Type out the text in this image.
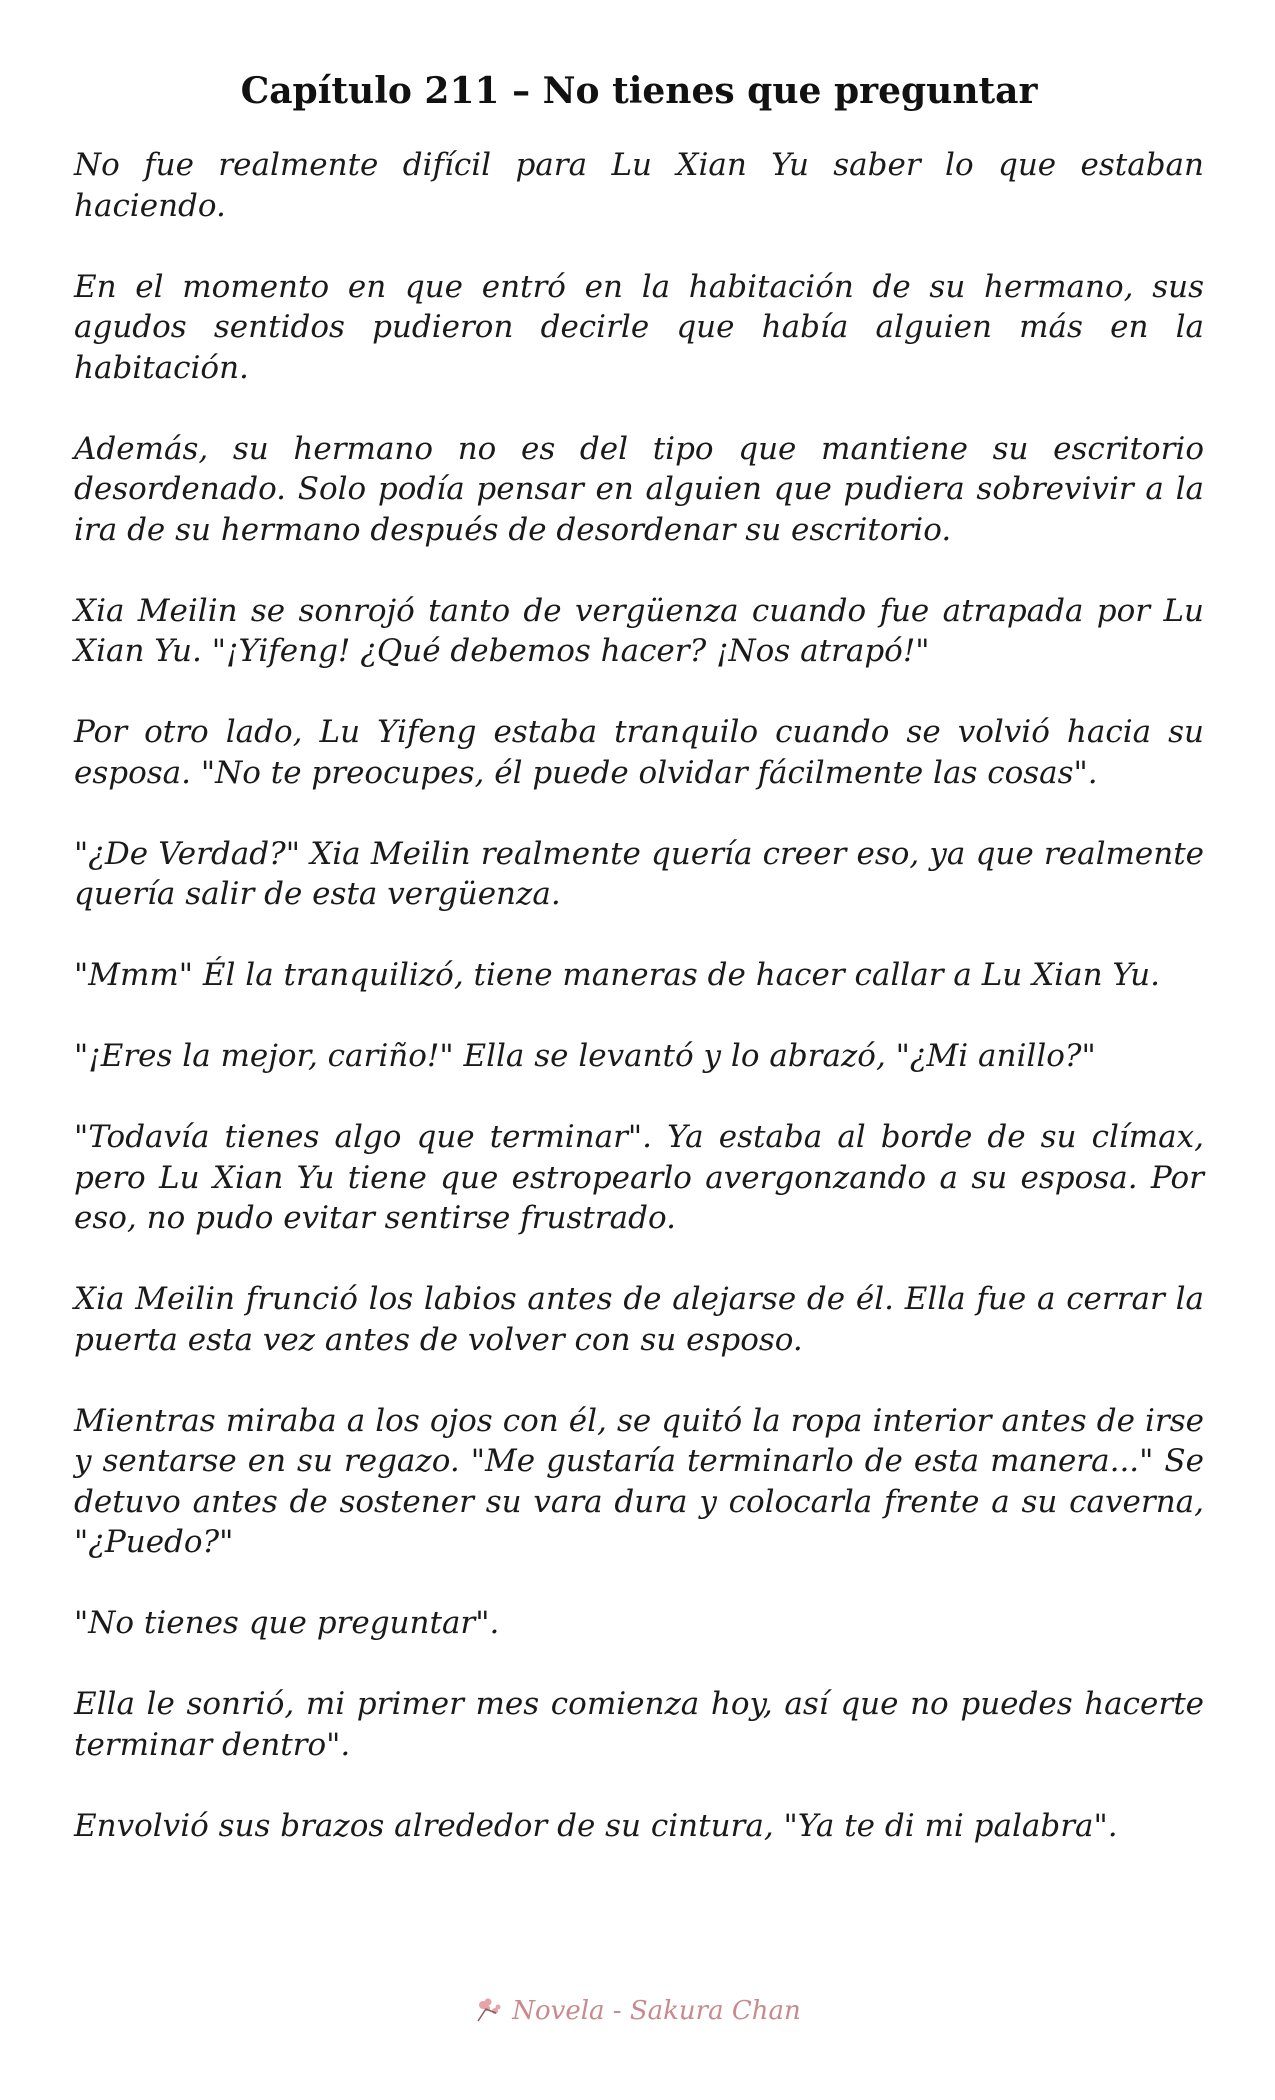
Capítulo 211 – No tienes que preguntar

No fue realmente difícil para Lu Xian Yu saber lo que estaban haciendo.

En el momento en que entró en la habitación de su hermano, sus agudos sentidos pudieron decirle que había alguien más en la habitación.

Además, su hermano no es del tipo que mantiene su escritorio desordenado. Solo podía pensar en alguien que pudiera sobrevivir a la ira de su hermano después de desordenar su escritorio.

Xia Meilin se sonrojó tanto de vergüenza cuando fue atrapada por Lu Xian Yu. "¡Yifeng! ¿Qué debemos hacer? ¡Nos atrapó!"

Por otro lado, Lu Yifeng estaba tranquilo cuando se volvió hacia su esposa. "No te preocupes, él puede olvidar fácilmente las cosas".

"¿De Verdad?" Xia Meilin realmente quería creer eso, ya que realmente quería salir de esta vergüenza.

"Mmm" Él la tranquilizó, tiene maneras de hacer callar a Lu Xian Yu.

"¡Eres la mejor, cariño!" Ella se levantó y lo abrazó, "¿Mi anillo?"

"Todavía tienes algo que terminar". Ya estaba al borde de su clímax, pero Lu Xian Yu tiene que estropearlo avergonzando a su esposa. Por eso, no pudo evitar sentirse frustrado.

Xia Meilin frunció los labios antes de alejarse de él. Ella fue a cerrar la puerta esta vez antes de volver con su esposo.

Mientras miraba a los ojos con él, se quitó la ropa interior antes de irse y sentarse en su regazo. "Me gustaría terminarlo de esta manera..." Se detuvo antes de sostener su vara dura y colocarla frente a su caverna, "¿Puedo?"

"No tienes que preguntar".

Ella le sonrió, mi primer mes comienza hoy, así que no puedes hacerte terminar dentro".

Envolvió sus brazos alrededor de su cintura, "Ya te di mi palabra".

Novela - Sakura Chan
